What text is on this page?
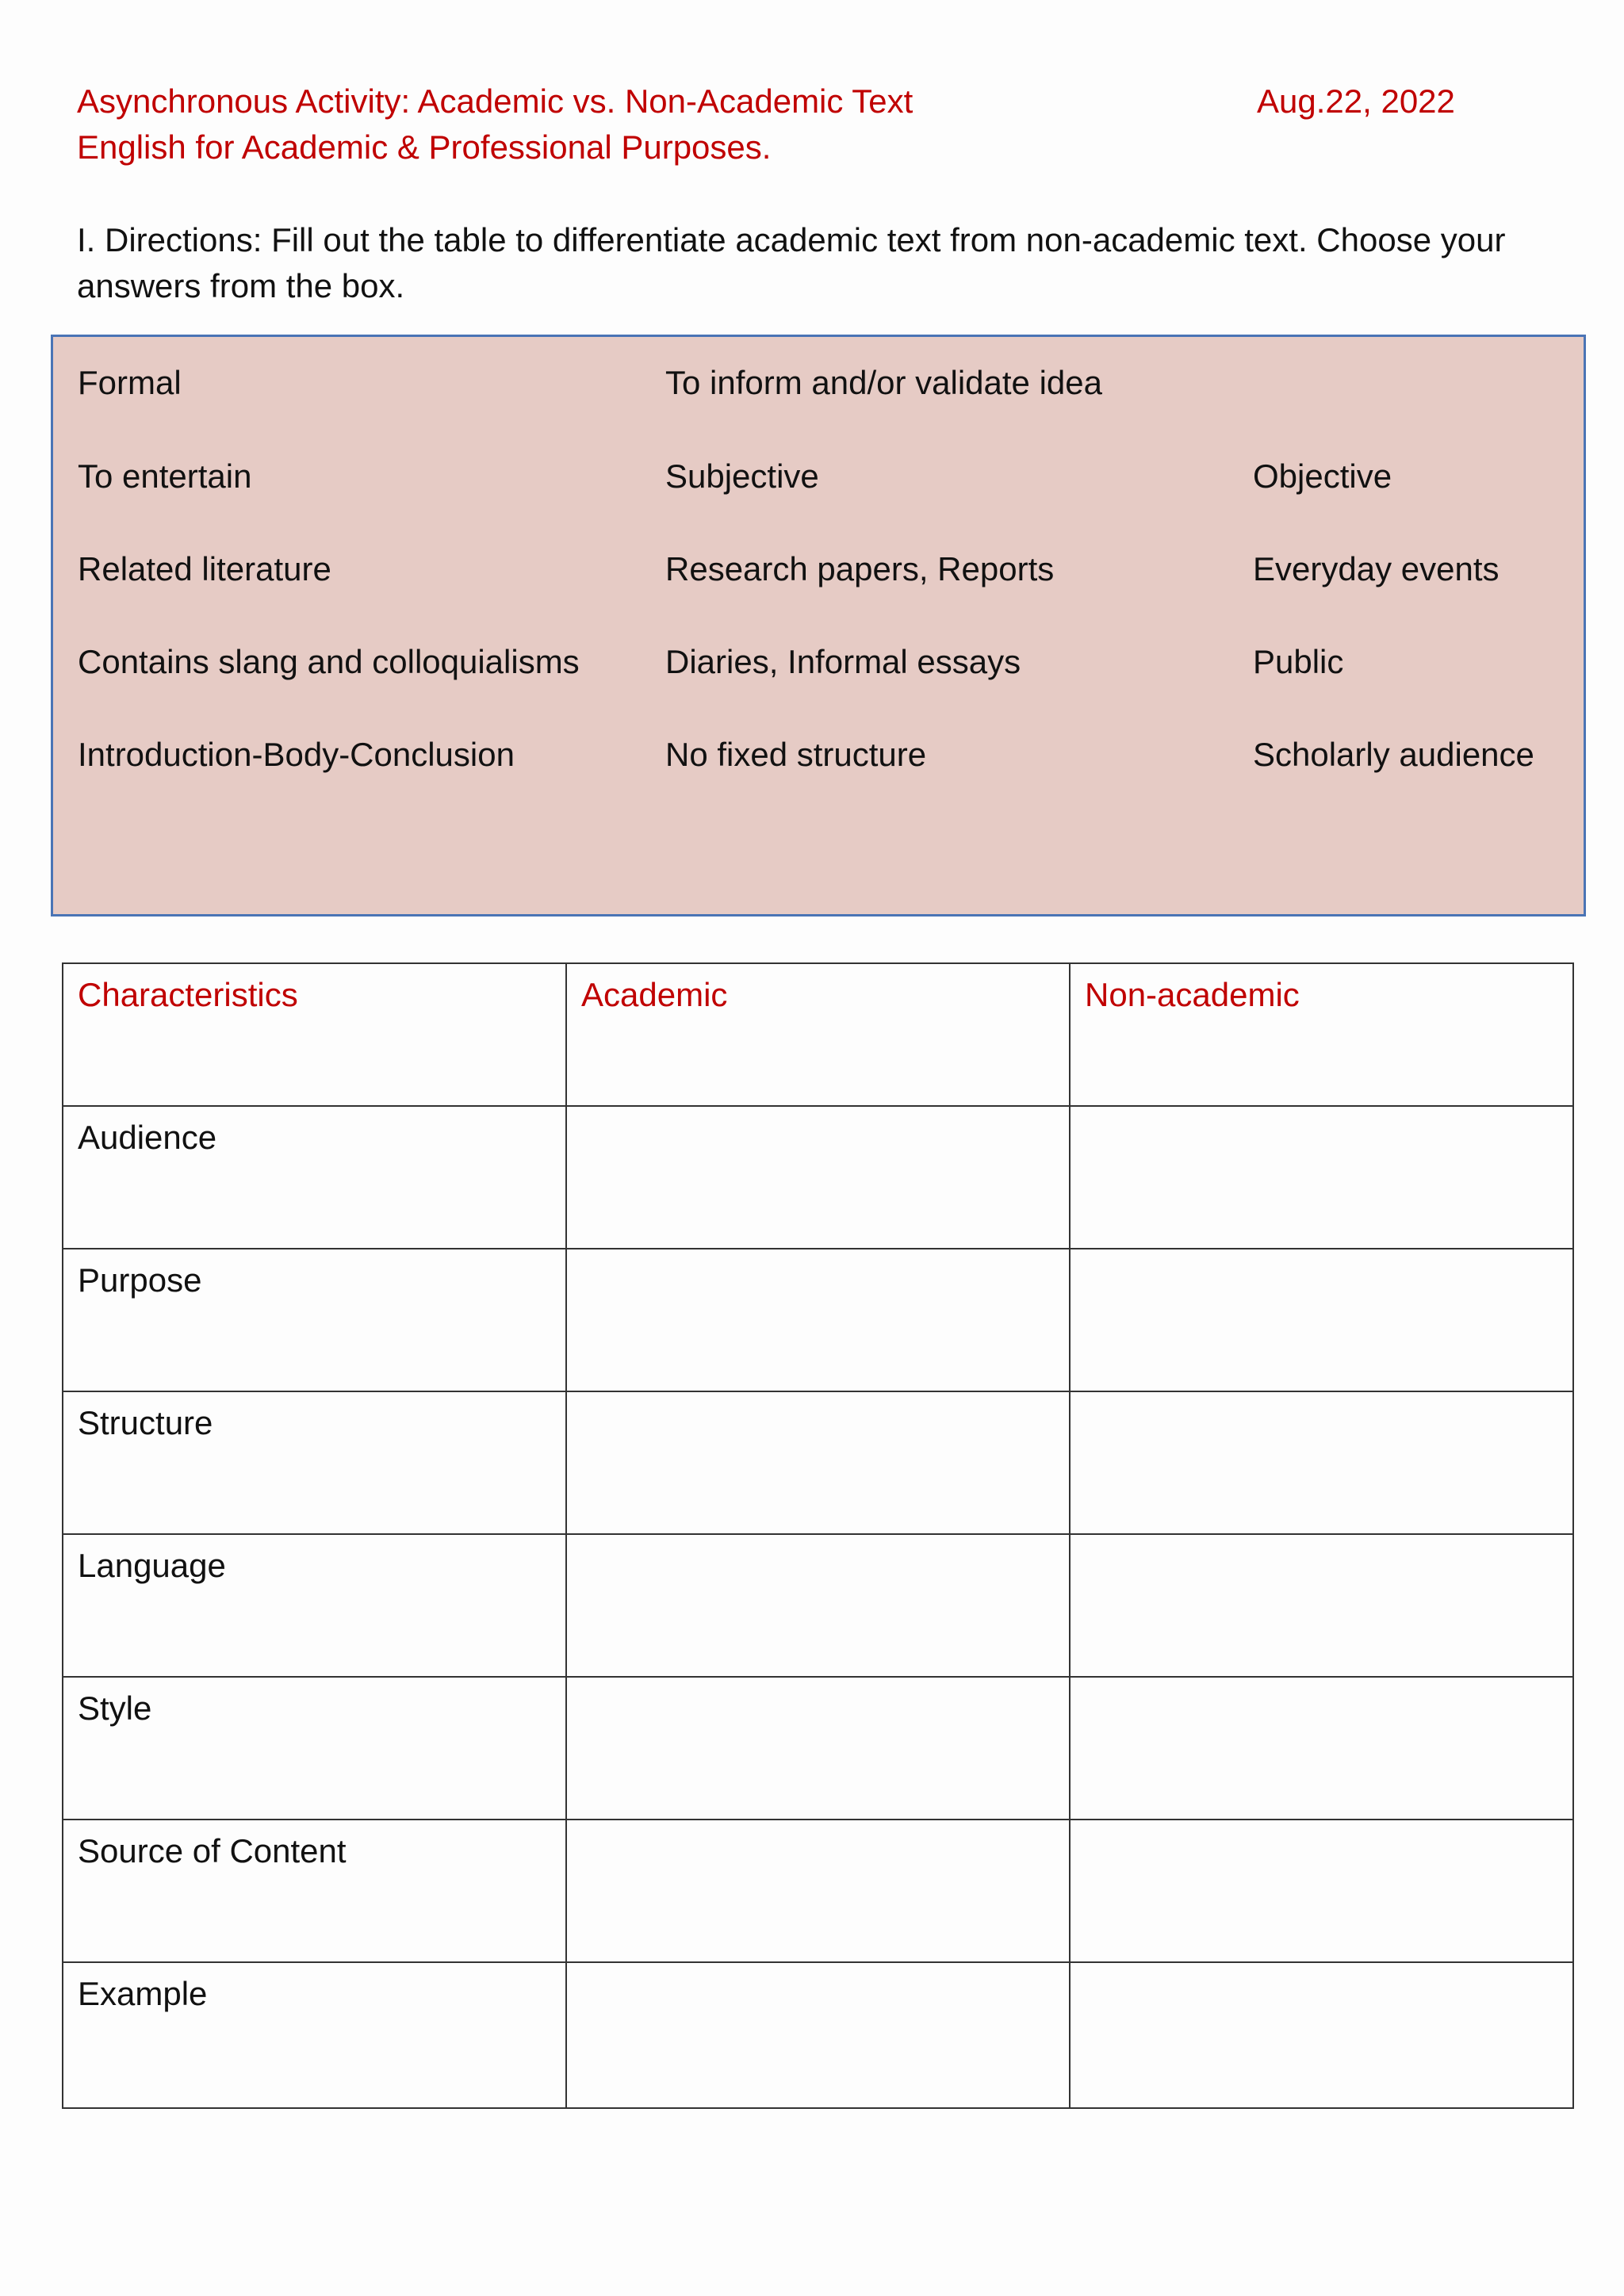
Asynchronous Activity: Academic vs. Non-Academic Text
English for Academic & Professional Purposes.
Aug.22, 2022
I. Directions: Fill out the table to differentiate academic text from non-academic text. Choose your answers from the box.
Formal	To inform and/or validate idea
To entertain	Subjective	Objective
Related literature	Research papers, Reports	Everyday events
Contains slang and colloquialisms	Diaries, Informal essays	Public
Introduction-Body-Conclusion	No fixed structure	Scholarly audience
Characteristics	Academic	Non-academic
Audience		
Purpose		
Structure		
Language		
Style		
Source of Content		
Example		
